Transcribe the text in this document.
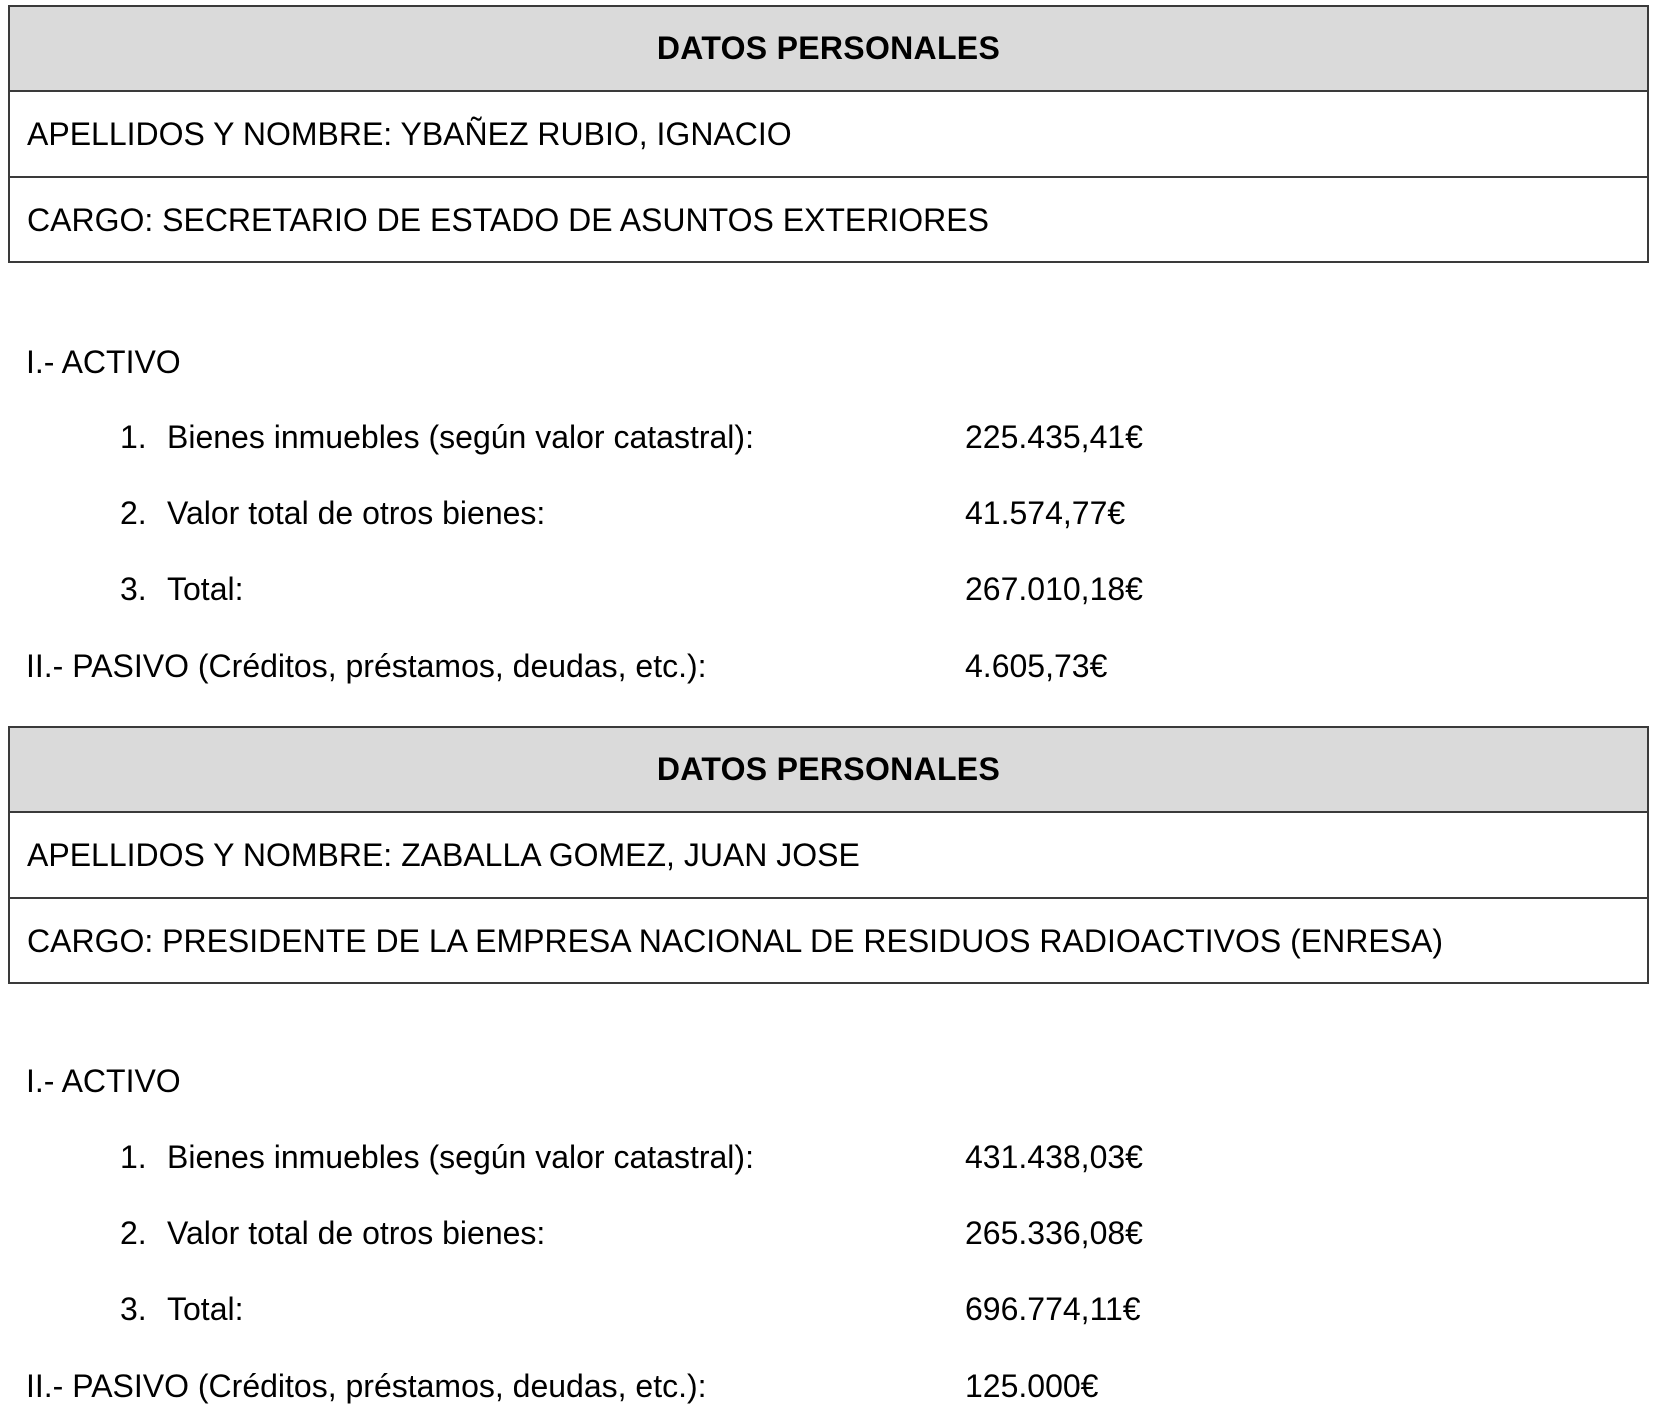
DATOS PERSONALES
APELLIDOS Y NOMBRE: YBAÑEZ RUBIO, IGNACIO
CARGO: SECRETARIO DE ESTADO DE ASUNTOS EXTERIORES
I.- ACTIVO
1. Bienes inmuebles (según valor catastral):	225.435,41€
2. Valor total de otros bienes:	41.574,77€
3. Total:	267.010,18€
II.- PASIVO (Créditos, préstamos, deudas, etc.):	4.605,73€
DATOS PERSONALES
APELLIDOS Y NOMBRE: ZABALLA GOMEZ, JUAN JOSE
CARGO: PRESIDENTE DE LA EMPRESA NACIONAL DE RESIDUOS RADIOACTIVOS (ENRESA)
I.- ACTIVO
1. Bienes inmuebles (según valor catastral):	431.438,03€
2. Valor total de otros bienes:	265.336,08€
3. Total:	696.774,11€
II.- PASIVO (Créditos, préstamos, deudas, etc.):	125.000€
